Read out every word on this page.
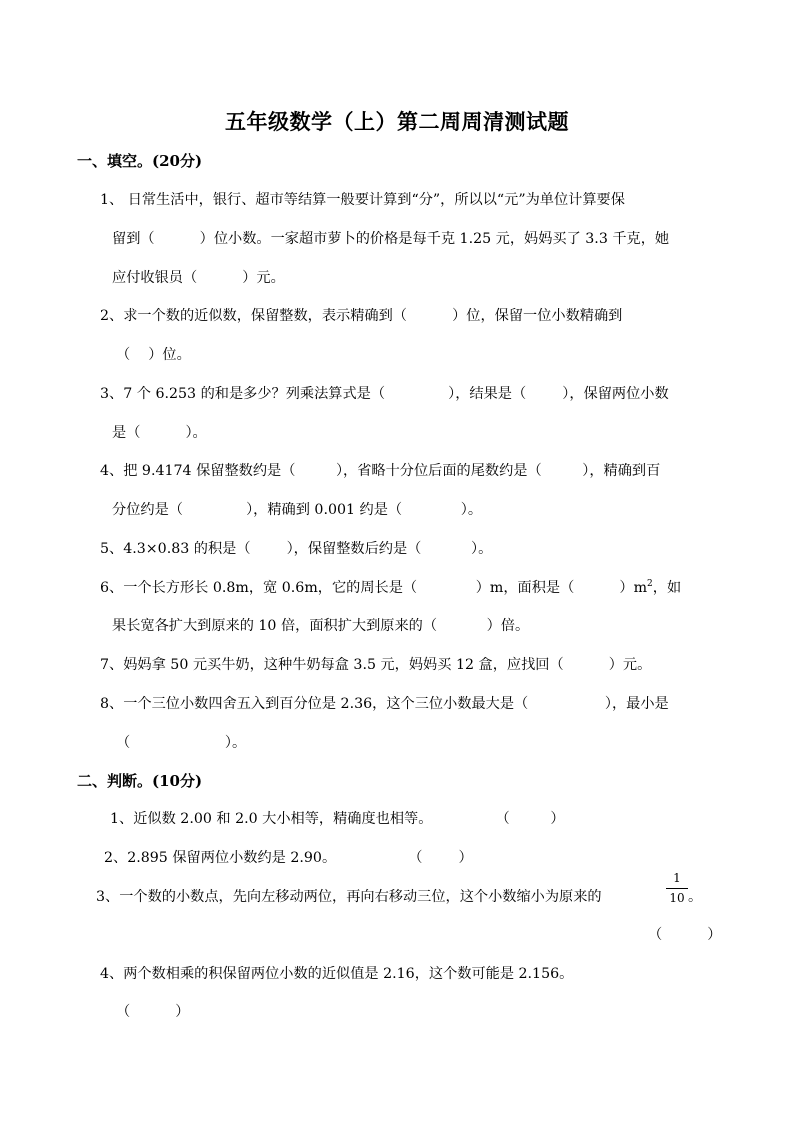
五年级数学（上）第二周周清测试题
一、填空。(20分)
1、 日常生活中，银行、超市等结算一般要计算到“分”，所以以“元”为单位计算要保
留到（          ）位小数。一家超市萝卜的价格是每千克 1.25 元，妈妈买了 3.3 千克，她
应付收银员（          ）元。
2、求一个数的近似数，保留整数，表示精确到（          ）位，保留一位小数精确到
（    ）位。
3、7 个 6.253 的和是多少？列乘法算式是（              ），结果是（        ），保留两位小数
是（          ）。
4、把 9.4174 保留整数约是（         ），省略十分位后面的尾数约是（         ），精确到百
分位约是（              ），精确到 0.001 约是（             ）。
5、4.3×0.83 的积是（        ），保留整数后约是（           ）。
6、一个长方形长 0.8m，宽 0.6m，它的周长是（             ）m，面积是（          ）$m^2$，如
果长宽各扩大到原来的 10 倍，面积扩大到原来的（           ）倍。
7、妈妈拿 50 元买牛奶，这种牛奶每盒 3.5 元，妈妈买 12 盒，应找回（          ）元。
8、一个三位小数四舍五入到百分位是 2.36，这个三位小数最大是（                 ），最小是
（                     ）。
二、判断。(10分)
1、近似数 2.00 和 2.0 大小相等，精确度也相等。              （         ）
2、2.895 保留两位小数约是 2.90。                （        ）
3、一个数的小数点，先向左移动两位，再向右移动三位，这个小数缩小为原来的
1
10 。
（          ）
4、两个数相乘的积保留两位小数的近似值是 2.16，这个数可能是 2.156。
（          ）
